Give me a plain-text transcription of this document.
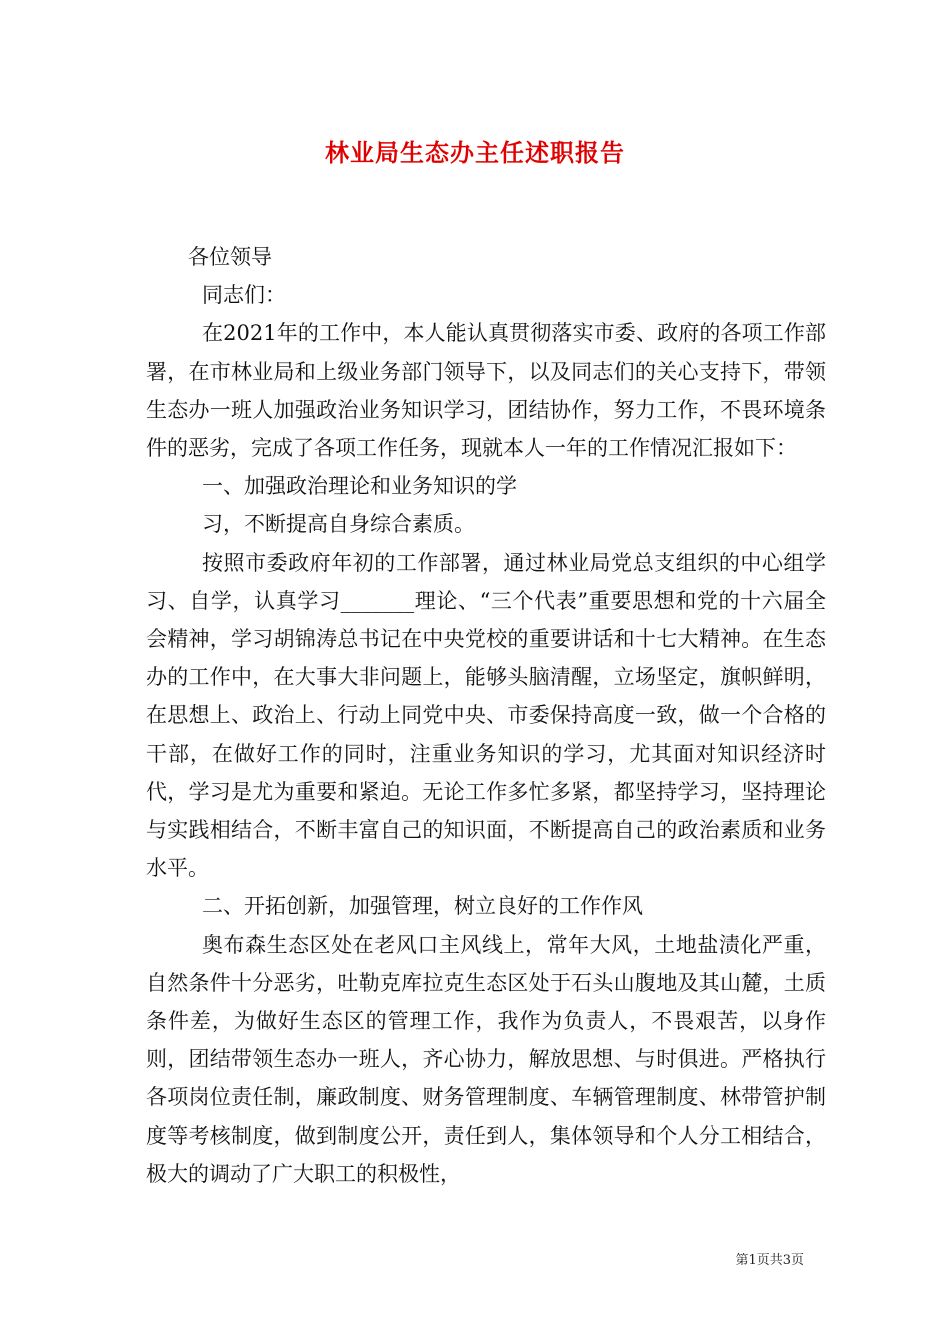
林业局生态办主任述职报告

各位领导

同志们：

在2021年的工作中，本人能认真贯彻落实市委、政府的各项工作部署，在市林业局和上级业务部门领导下，以及同志们的关心支持下，带领生态办一班人加强政治业务知识学习，团结协作，努力工作，不畏环境条件的恶劣，完成了各项工作任务，现就本人一年的工作情况汇报如下：

一、加强政治理论和业务知识的学

习，不断提高自身综合素质。

按照市委政府年初的工作部署，通过林业局党总支组织的中心组学习、自学，认真学习_______理论、“三个代表”重要思想和党的十六届全会精神，学习胡锦涛总书记在中央党校的重要讲话和十七大精神。在生态办的工作中，在大事大非问题上，能够头脑清醒，立场坚定，旗帜鲜明，在思想上、政治上、行动上同党中央、市委保持高度一致，做一个合格的干部，在做好工作的同时，注重业务知识的学习，尤其面对知识经济时代，学习是尤为重要和紧迫。无论工作多忙多紧，都坚持学习，坚持理论与实践相结合，不断丰富自己的知识面，不断提高自己的政治素质和业务水平。

二、开拓创新，加强管理，树立良好的工作作风

奥布森生态区处在老风口主风线上，常年大风，土地盐渍化严重，自然条件十分恶劣，吐勒克库拉克生态区处于石头山腹地及其山麓，土质条件差，为做好生态区的管理工作，我作为负责人，不畏艰苦，以身作则，团结带领生态办一班人，齐心协力，解放思想、与时俱进。严格执行各项岗位责任制，廉政制度、财务管理制度、车辆管理制度、林带管护制度等考核制度，做到制度公开，责任到人，集体领导和个人分工相结合，极大的调动了广大职工的积极性，

第1页共3页
